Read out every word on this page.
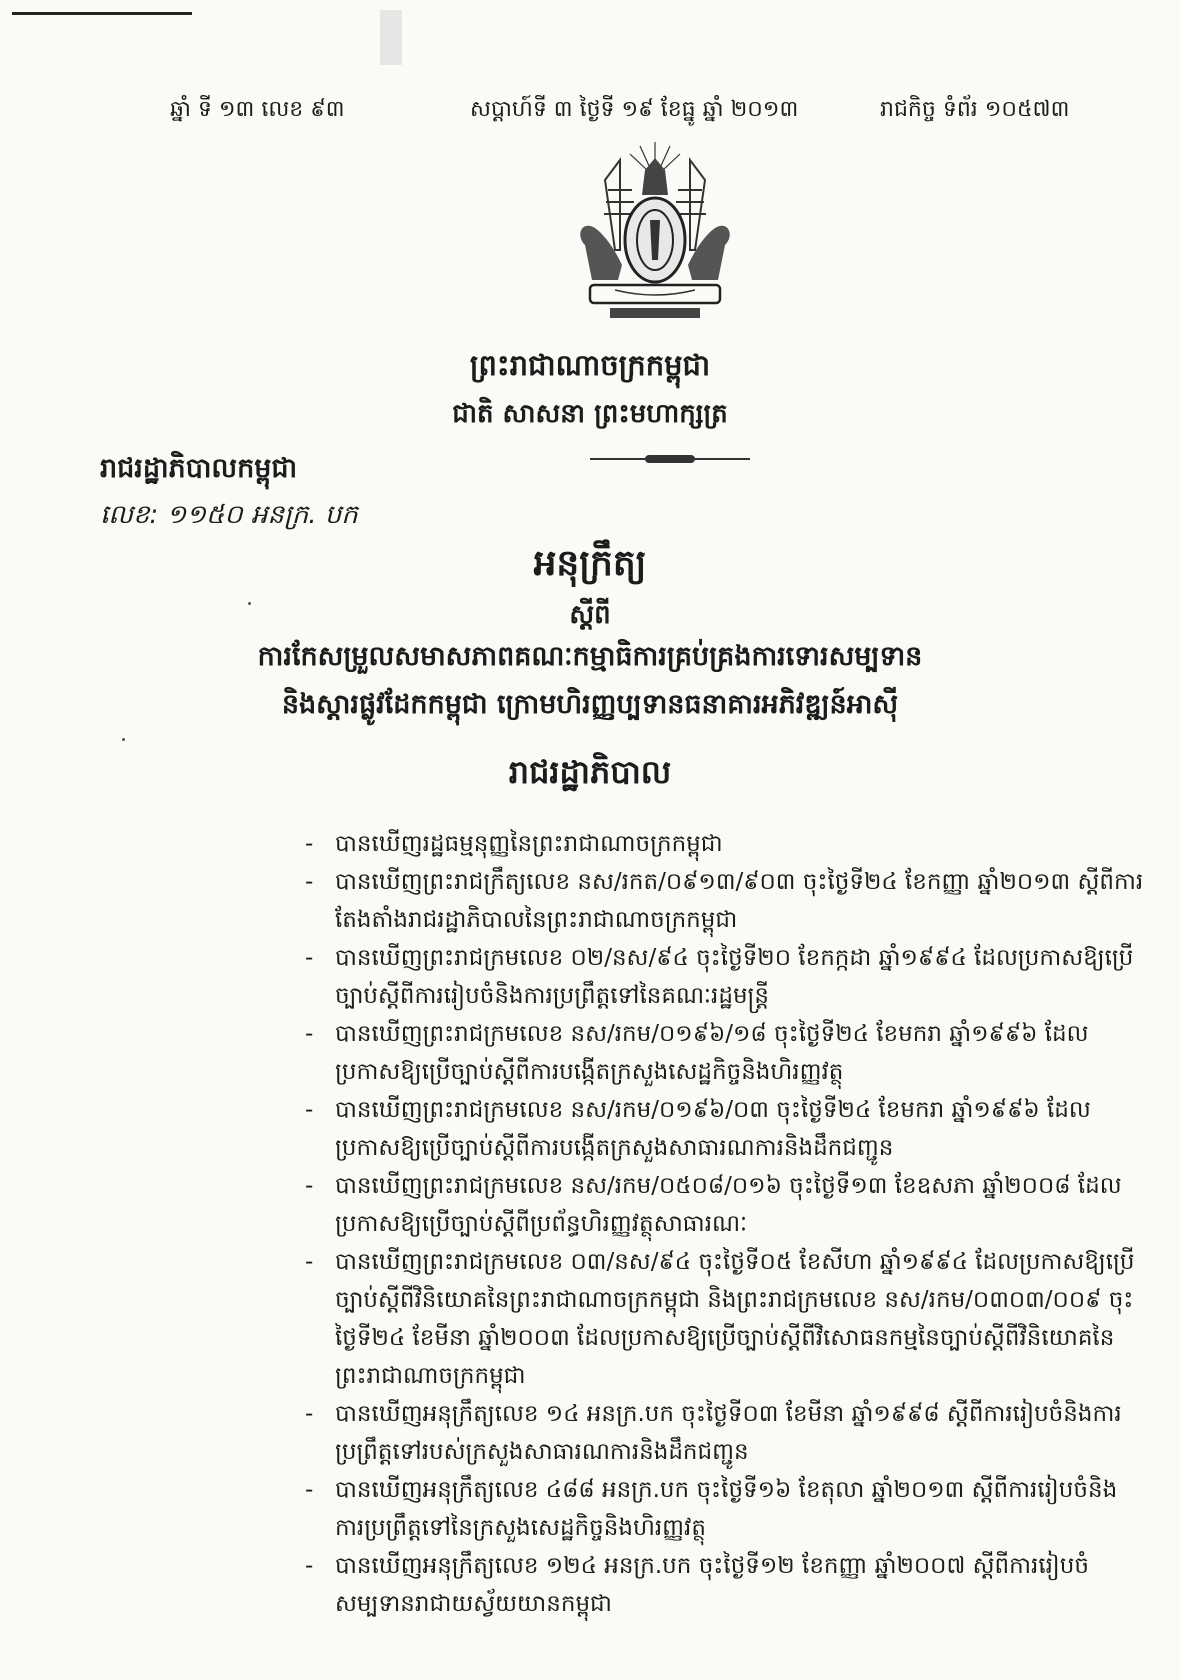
ឆ្នាំ ទី ១៣ លេខ ៩៣	សប្តាហ៍ទី ៣ ថ្ងៃទី ១៩ ខែធ្នូ ឆ្នាំ ២០១៣	រាជកិច្ច ទំព័រ ១០៥៧៣
ព្រះរាជាណាចក្រកម្ពុជា
ជាតិ សាសនា ព្រះមហាក្សត្រ
រាជរដ្ឋាភិបាលកម្ពុជា
លេខ: ១១៥០ អនក្រ. បក
អនុក្រឹត្យ
ស្តីពី
ការកែសម្រួលសមាសភាពគណៈកម្មាធិការគ្រប់គ្រងការទោរសម្បទាន
និងស្តារផ្លូវដែកកម្ពុជា ក្រោមហិរញ្ញប្បទានធនាគារអភិវឌ្ឍន៍អាស៊ី
រាជរដ្ឋាភិបាល
- បានឃើញរដ្ឋធម្មនុញ្ញនៃព្រះរាជាណាចក្រកម្ពុជា
- បានឃើញព្រះរាជក្រឹត្យលេខ នស/រកត/០៩១៣/៩០៣ ចុះថ្ងៃទី២៤ ខែកញ្ញា ឆ្នាំ២០១៣ ស្តីពីការតែងតាំងរាជរដ្ឋាភិបាលនៃព្រះរាជាណាចក្រកម្ពុជា
- បានឃើញព្រះរាជក្រមលេខ ០២/នស/៩៤ ចុះថ្ងៃទី២០ ខែកក្កដា ឆ្នាំ១៩៩៤ ដែលប្រកាសឱ្យប្រើច្បាប់ស្តីពីការរៀបចំនិងការប្រព្រឹត្តទៅនៃគណៈរដ្ឋមន្ត្រី
- បានឃើញព្រះរាជក្រមលេខ នស/រកម/០១៩៦/១៨ ចុះថ្ងៃទី២៤ ខែមករា ឆ្នាំ១៩៩៦ ដែលប្រកាសឱ្យប្រើច្បាប់ស្តីពីការបង្កើតក្រសួងសេដ្ឋកិច្ចនិងហិរញ្ញវត្ថុ
- បានឃើញព្រះរាជក្រមលេខ នស/រកម/០១៩៦/០៣ ចុះថ្ងៃទី២៤ ខែមករា ឆ្នាំ១៩៩៦ ដែលប្រកាសឱ្យប្រើច្បាប់ស្តីពីការបង្កើតក្រសួងសាធារណការនិងដឹកជញ្ជូន
- បានឃើញព្រះរាជក្រមលេខ នស/រកម/០៥០៨/០១៦ ចុះថ្ងៃទី១៣ ខែឧសភា ឆ្នាំ២០០៨ ដែលប្រកាសឱ្យប្រើច្បាប់ស្តីពីប្រព័ន្ធហិរញ្ញវត្ថុសាធារណៈ
- បានឃើញព្រះរាជក្រមលេខ ០៣/នស/៩៤ ចុះថ្ងៃទី០៥ ខែសីហា ឆ្នាំ១៩៩៤ ដែលប្រកាសឱ្យប្រើច្បាប់ស្តីពីវិនិយោគនៃព្រះរាជាណាចក្រកម្ពុជា និងព្រះរាជក្រមលេខ នស/រកម/០៣០៣/០០៩ ចុះថ្ងៃទី២៤ ខែមីនា ឆ្នាំ២០០៣ ដែលប្រកាសឱ្យប្រើច្បាប់ស្តីពីវិសោធនកម្មនៃច្បាប់ស្តីពីវិនិយោគនៃព្រះរាជាណាចក្រកម្ពុជា
- បានឃើញអនុក្រឹត្យលេខ ១៤ អនក្រ.បក ចុះថ្ងៃទី០៣ ខែមីនា ឆ្នាំ១៩៩៨ ស្តីពីការរៀបចំនិងការប្រព្រឹត្តទៅរបស់ក្រសួងសាធារណការនិងដឹកជញ្ជូន
- បានឃើញអនុក្រឹត្យលេខ ៤៨៨ អនក្រ.បក ចុះថ្ងៃទី១៦ ខែតុលា ឆ្នាំ២០១៣ ស្តីពីការរៀបចំនិងការប្រព្រឹត្តទៅនៃក្រសួងសេដ្ឋកិច្ចនិងហិរញ្ញវត្ថុ
- បានឃើញអនុក្រឹត្យលេខ ១២៤ អនក្រ.បក ចុះថ្ងៃទី១២ ខែកញ្ញា ឆ្នាំ២០០៧ ស្តីពីការរៀបចំសម្បទានរាជាយស្វ័យយានកម្ពុជា
